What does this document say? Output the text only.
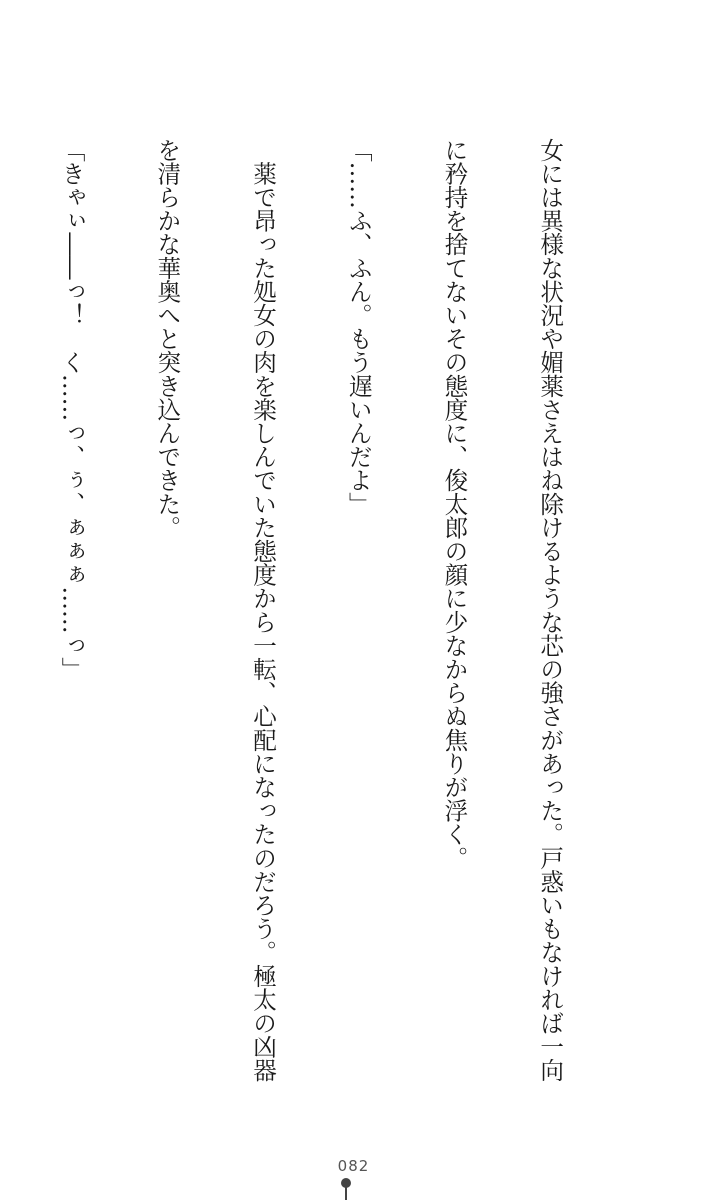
女には異様な状況や媚薬さえはね除けるような芯の強さがあった。戸惑いもなければ一向

に矜持を捨てないその態度に、俊太郎の顔に少なからぬ焦りが浮く。

「……ふ、ふん。もう遅いんだよ」

　薬で昂った処女の肉を楽しんでいた態度から一転、心配になったのだろう。極太の凶器

を清らかな華奥へと突き込んできた。

「きゃぃ――っ！　く……っ、ぅ、ぁぁぁ……っ」

082
